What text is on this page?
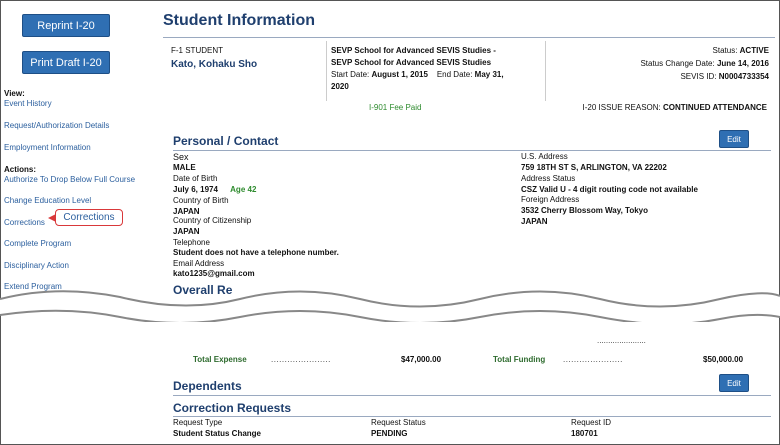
Reprint I-20
Print Draft I-20
View:
Event History
Request/Authorization Details
Employment Information
Actions:
Authorize To Drop Below Full Course
Change Education Level
Corrections
Complete Program
Disciplinary Action
Extend Program
Corrections
Student Information
F-1 STUDENT
Kato, Kohaku Sho
SEVP School for Advanced SEVIS Studies -
SEVP School for Advanced SEVIS Studies
Start Date: August 1, 2015 End Date: May 31,
2020
Status: ACTIVE
Status Change Date: June 14, 2016
SEVIS ID: N0004733354
I-901 Fee Paid	I-20 ISSUE REASON: CONTINUED ATTENDANCE
Personal / Contact	Edit
Sex
MALE
Date of Birth
July 6, 1974 Age 42
Country of Birth
JAPAN
Country of Citizenship
JAPAN
Telephone
Student does not have a telephone number.
Email Address
kato1235@gmail.com
U.S. Address
759 18TH ST S, ARLINGTON, VA 22202
Address Status
CSZ Valid U - 4 digit routing code not available
Foreign Address
3532 Cherry Blossom Way, Tokyo
JAPAN
Overall Re
......................
Total Expense	......................	$47,000.00	Total Funding ......................	$50,000.00
Dependents	Edit
Correction Requests
Request Type	Request Status	Request ID
Student Status Change	PENDING	180701
